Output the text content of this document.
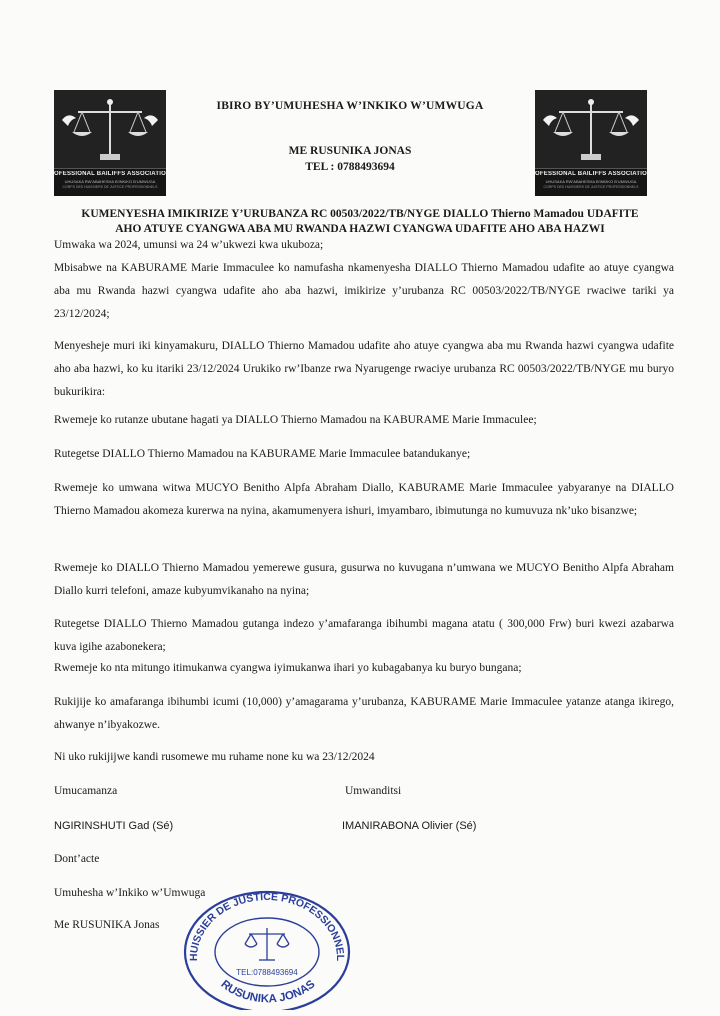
OFESSIONAL BAILIFFS ASSOCIATIO
UHUSAKA RW’ABAHESHA B’INKIKO B’UMWUGA
CORPS DES HUISSIERS DE JUSTICE PROFESSIONNELS
OFESSIONAL BAILIFFS ASSOCIATIO
UHUSAKA RW’ABAHESHA B’INKIKO B’UMWUGA
CORPS DES HUISSIERS DE JUSTICE PROFESSIONNELS
IBIRO BY’UMUHESHA W’INKIKO W’UMWUGA
ME RUSUNIKA JONAS
TEL : 0788493694
KUMENYESHA IMIKIRIZE Y’URUBANZA RC 00503/2022/TB/NYGE DIALLO Thierno Mamadou UDAFITE
AHO ATUYE CYANGWA ABA MU RWANDA HAZWI CYANGWA UDAFITE AHO ABA HAZWI
Umwaka wa 2024, umunsi wa 24 w’ukwezi kwa ukuboza;
Mbisabwe na KABURAME Marie Immaculee ko namufasha nkamenyesha DIALLO Thierno Mamadou udafite ao atuye cyangwa aba mu Rwanda hazwi cyangwa udafite aho aba hazwi, imikirize y’urubanza RC 00503/2022/TB/NYGE rwaciwe tariki ya 23/12/2024;
Menyesheje muri iki kinyamakuru, DIALLO Thierno Mamadou udafite aho atuye cyangwa aba mu Rwanda hazwi cyangwa udafite aho aba hazwi, ko ku itariki 23/12/2024 Urukiko rw’Ibanze rwa Nyarugenge rwaciye urubanza RC 00503/2022/TB/NYGE mu buryo bukurikira:
Rwemeje ko rutanze ubutane hagati ya DIALLO Thierno Mamadou na KABURAME Marie Immaculee;
Rutegetse DIALLO Thierno Mamadou na KABURAME Marie Immaculee batandukanye;
Rwemeje ko umwana witwa MUCYO Benitho Alpfa Abraham Diallo, KABURAME Marie Immaculee yabyaranye na DIALLO Thierno Mamadou akomeza kurerwa na nyina, akamumenyera ishuri, imyambaro, ibimutunga no kumuvuza nk’uko bisanzwe;
Rwemeje ko DIALLO Thierno Mamadou yemerewe gusura, gusurwa no kuvugana n’umwana we MUCYO Benitho Alpfa Abraham Diallo kurri telefoni, amaze kubyumvikanaho na nyina;
Rutegetse DIALLO Thierno Mamadou gutanga indezo y’amafaranga ibihumbi magana atatu ( 300,000 Frw) buri kwezi azabarwa kuva igihe azabonekera;
Rwemeje ko nta mitungo itimukanwa cyangwa iyimukanwa ihari yo kubagabanya ku buryo bungana;
Rukijije ko amafaranga ibihumbi icumi (10,000) y’amagarama y’urubanza, KABURAME Marie Immaculee yatanze atanga ikirego, ahwanye n’ibyakozwe.
Ni uko rukijijwe kandi rusomewe mu ruhame none ku wa 23/12/2024
Umucamanza	Umwanditsi
NGIRINSHUTI Gad (Sé)	IMANIRABONA Olivier (Sé)
Dont’acte
Umuhesha w’Inkiko w’Umwuga
Me RUSUNIKA Jonas
HUISSIER DE JUSTICE PROFESSIONNEL
TEL:0788493694
RUSUNIKA JONAS
